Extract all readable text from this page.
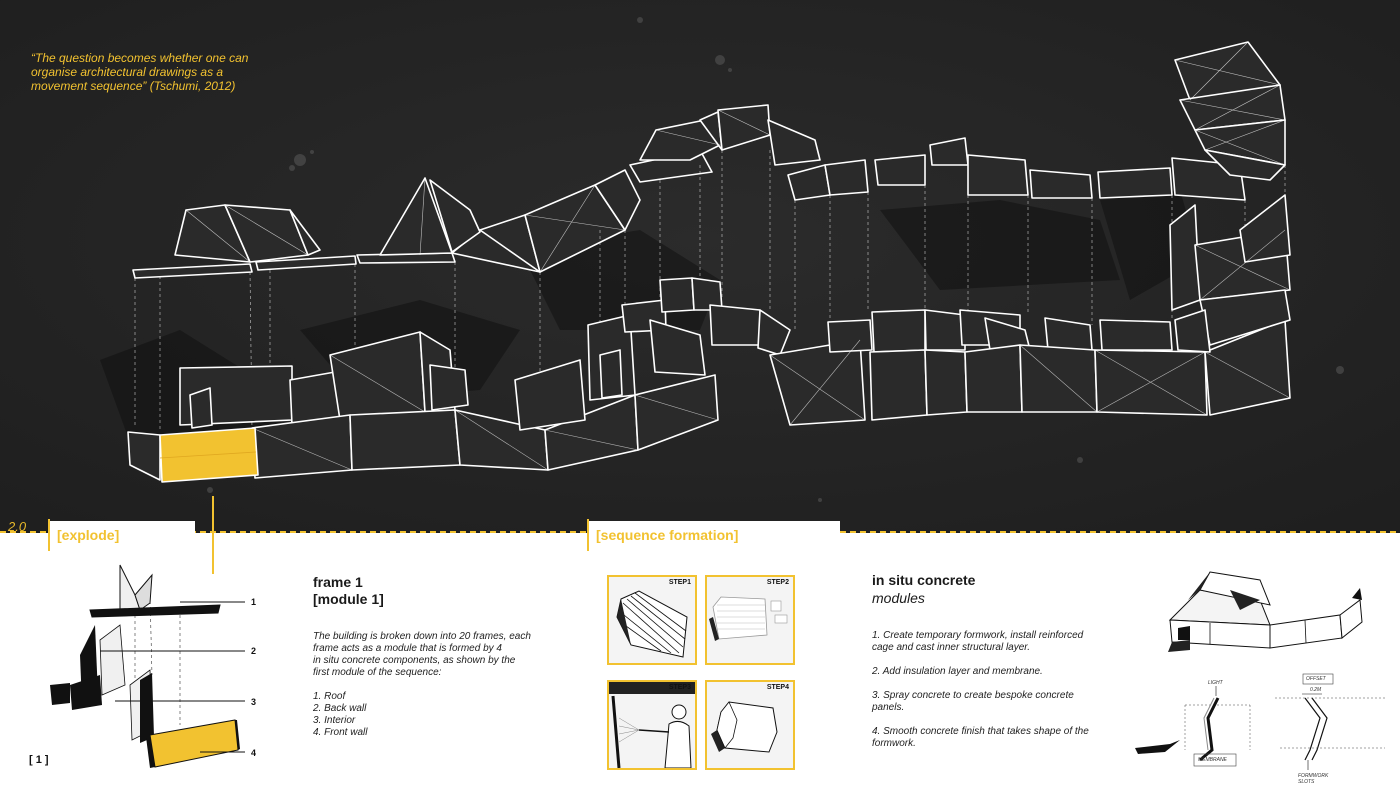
“The question becomes whether one can
organise architectural drawings as a
movement sequence” (Tschumi, 2012)
2.0
[explode]	[sequence formation]
1
2
3
4
[ 1 ]
frame 1
[module 1]
The building is broken down into 20 frames, each
frame acts as a module that is formed by 4
in situ concrete components, as shown by the
first module of the sequence:
1. Roof
2. Back wall
3. Interior
4. Front wall
STEP1	STEP2
STEP3	STEP4
in situ concrete
modules
1. Create temporary formwork, install reinforced
cage and cast inner structural layer.
2. Add insulation layer and membrane.
3. Spray concrete to create bespoke concrete
panels.
4. Smooth concrete finish that takes shape of the
formwork.
LIGHT
MEMBRANE
OFFSET
0.2M
FORMWORK
SLOTS
